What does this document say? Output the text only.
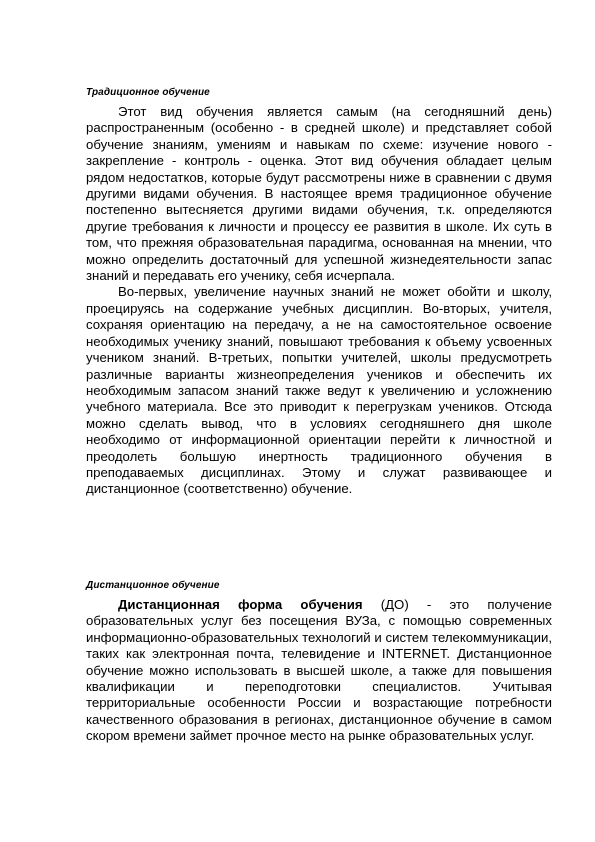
Традиционное обучение

Этот вид обучения является самым (на сегодняшний день) распространенным (особенно - в средней школе) и представляет собой обучение знаниям, умениям и навыкам по схеме: изучение нового - закрепление - контроль - оценка. Этот вид обучения обладает целым рядом недостатков, которые будут рассмотрены ниже в сравнении с двумя другими видами обучения. В настоящее время традиционное обучение постепенно вытесняется другими видами обучения, т.к. определяются другие требования к личности и процессу ее развития в школе. Их суть в том, что прежняя образовательная парадигма, основанная на мнении, что можно определить достаточный для успешной жизнедеятельности запас знаний и передавать его ученику, себя исчерпала.

Во-первых, увеличение научных знаний не может обойти и школу, проецируясь на содержание учебных дисциплин. Во-вторых, учителя, сохраняя ориентацию на передачу, а не на самостоятельное освоение необходимых ученику знаний, повышают требования к объему усвоенных учеником знаний. В-третьих, попытки учителей, школы предусмотреть различные варианты жизнеопределения учеников и обеспечить их необходимым запасом знаний также ведут к увеличению и усложнению учебного материала. Все это приводит к перегрузкам учеников. Отсюда можно сделать вывод, что в условиях сегодняшнего дня школе необходимо от информационной ориентации перейти к личностной и преодолеть большую инертность традиционного обучения в преподаваемых дисциплинах. Этому и служат развивающее и дистанционное (соответственно) обучение.

Дистанционное обучение

Дистанционная форма обучения (ДО) - это получение образовательных услуг без посещения ВУЗа, с помощью современных информационно-образовательных технологий и систем телекоммуникации, таких как электронная почта, телевидение и INTERNET. Дистанционное обучение можно использовать в высшей школе, а также для повышения квалификации и переподготовки специалистов. Учитывая территориальные особенности России и возрастающие потребности качественного образования в регионах, дистанционное обучение в самом скором времени займет прочное место на рынке образовательных услуг.
